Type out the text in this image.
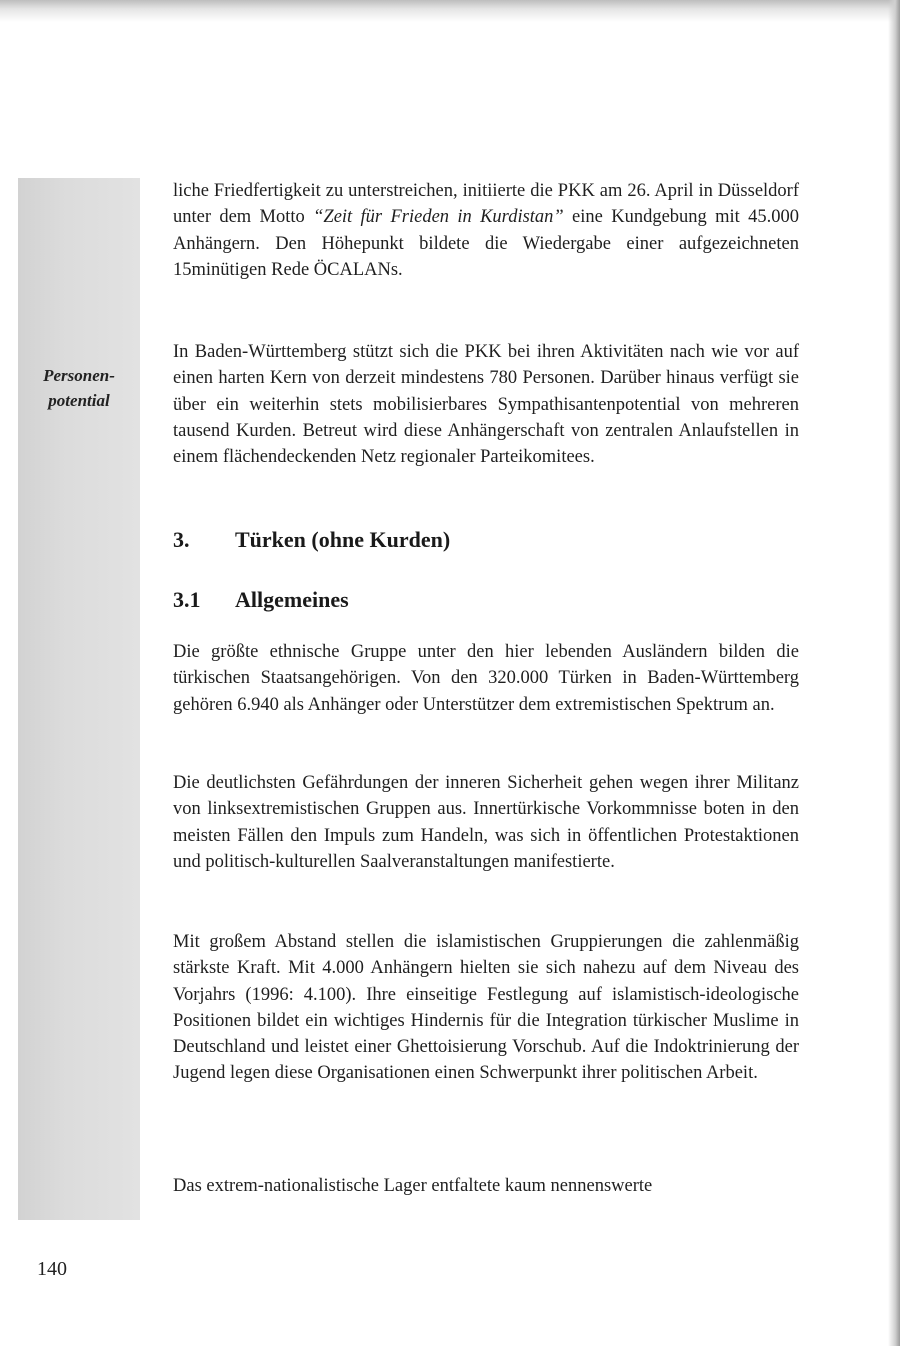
Personen-
potential

liche Friedfertigkeit zu unterstreichen, initiierte die PKK am 26. April in Düsseldorf unter dem Motto “Zeit für Frieden in Kurdistan” eine Kundgebung mit 45.000 Anhängern. Den Höhepunkt bildete die Wiedergabe einer aufgezeichneten 15minütigen Rede ÖCALANs.

In Baden-Württemberg stützt sich die PKK bei ihren Aktivitäten nach wie vor auf einen harten Kern von derzeit mindestens 780 Personen. Darüber hinaus verfügt sie über ein weiterhin stets mobilisierbares Sympathisantenpotential von mehreren tausend Kurden. Betreut wird diese Anhängerschaft von zentralen Anlaufstellen in einem flächendeckenden Netz regionaler Parteikomitees.

3. Türken (ohne Kurden)
3.1 Allgemeines

Die größte ethnische Gruppe unter den hier lebenden Ausländern bilden die türkischen Staatsangehörigen. Von den 320.000 Türken in Baden-Württemberg gehören 6.940 als Anhänger oder Unterstützer dem extremistischen Spektrum an.

Die deutlichsten Gefährdungen der inneren Sicherheit gehen wegen ihrer Militanz von linksextremistischen Gruppen aus. Innertürkische Vorkommnisse boten in den meisten Fällen den Impuls zum Handeln, was sich in öffentlichen Protestaktionen und politisch-kulturellen Saalveranstaltungen manifestierte.

Mit großem Abstand stellen die islamistischen Gruppierungen die zahlenmäßig stärkste Kraft. Mit 4.000 Anhängern hielten sie sich nahezu auf dem Niveau des Vorjahrs (1996: 4.100). Ihre einseitige Festlegung auf islamistisch-ideologische Positionen bildet ein wichtiges Hindernis für die Integration türkischer Muslime in Deutschland und leistet einer Ghettoisierung Vorschub. Auf die Indoktrinierung der Jugend legen diese Organisationen einen Schwerpunkt ihrer politischen Arbeit.

Das extrem-nationalistische Lager entfaltete kaum nennenswerte

140
